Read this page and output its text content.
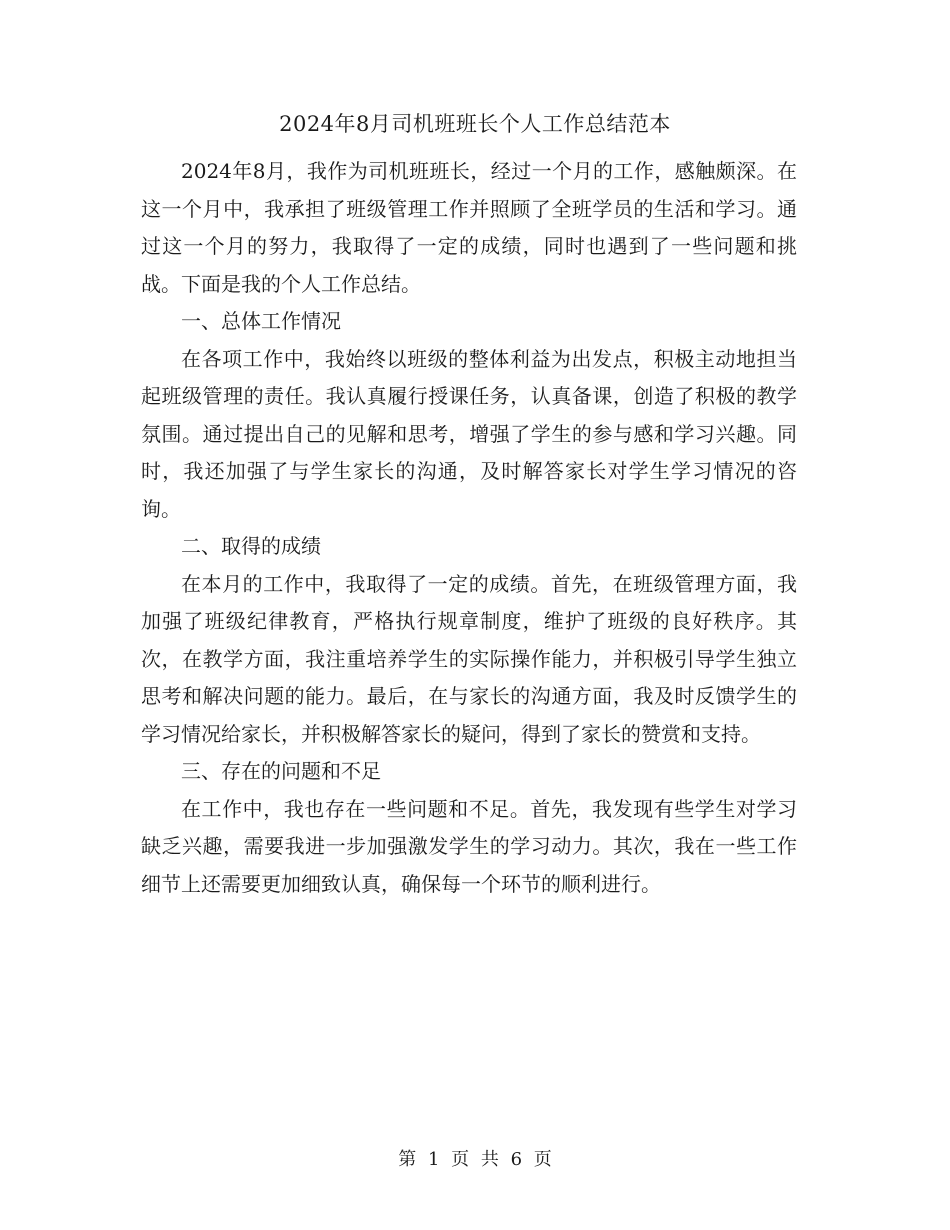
2024年8月司机班班长个人工作总结范本

2024年8月，我作为司机班班长，经过一个月的工作，感触颇深。在这一个月中，我承担了班级管理工作并照顾了全班学员的生活和学习。通过这一个月的努力，我取得了一定的成绩，同时也遇到了一些问题和挑战。下面是我的个人工作总结。

一、总体工作情况

在各项工作中，我始终以班级的整体利益为出发点，积极主动地担当起班级管理的责任。我认真履行授课任务，认真备课，创造了积极的教学氛围。通过提出自己的见解和思考，增强了学生的参与感和学习兴趣。同时，我还加强了与学生家长的沟通，及时解答家长对学生学习情况的咨询。

二、取得的成绩

在本月的工作中，我取得了一定的成绩。首先，在班级管理方面，我加强了班级纪律教育，严格执行规章制度，维护了班级的良好秩序。其次，在教学方面，我注重培养学生的实际操作能力，并积极引导学生独立思考和解决问题的能力。最后，在与家长的沟通方面，我及时反馈学生的学习情况给家长，并积极解答家长的疑问，得到了家长的赞赏和支持。

三、存在的问题和不足

在工作中，我也存在一些问题和不足。首先，我发现有些学生对学习缺乏兴趣，需要我进一步加强激发学生的学习动力。其次，我在一些工作细节上还需要更加细致认真，确保每一个环节的顺利进行。

第 1 页 共 6 页
